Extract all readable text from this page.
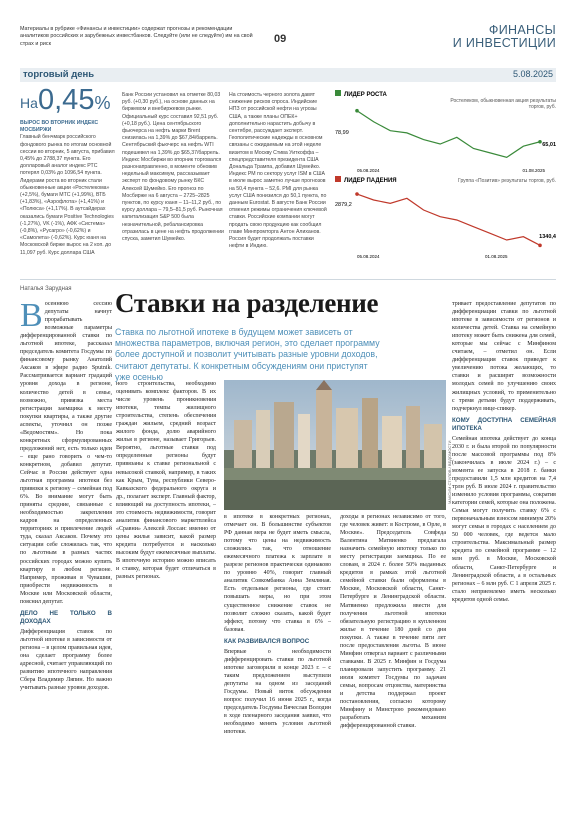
Материалы в рубрике «Финансы и инвестиции» содержат прогнозы и рекомендации аналитиков российских и зарубежных инвестбанков. Следуйте (или не следуйте) им на свой страх и риск	09
ФИНАНСЫ
И ИНВЕСТИЦИИ
торговый день	5.08.2025
На 0,45%
ВЫРОС ВО ВТОРНИК ИНДЕКС МОСБИРЖИ
Главный бенчмарк российского фондового рынка по итогам основной сессии во вторник, 5 августа, прибавил 0,45% до 2788,37 пункта. Его долларовый аналог индекс РТС потерял 0,03% до 1096,54 пункта. Лидерами роста во вторник стали обыкновенные акции «Ростелекома» (+2,5%), бумаги МТС (+1,99%), ВТБ (+1,83%), «Аэрофлота» (+1,41%) и «Полюса» (+1,17%). В аутсайдерах оказались бумаги Positive Technologies (-1,27%), VK (-1%), АФК «Система» (-0,8%), «Русагро» (-0,62%) и «Самолета» (-0,62%). Курс юаня на Московской бирже вырос на 2 коп. до 11,097 руб. Курс доллара США
Банк России установил на отметке 80,03 руб. (+0,30 руб.), на основе данных на биржевом и внебиржевом рынке. Официальный курс составил 92,51 руб. (+0,18 руб.). Цена сентябрьского фьючерса на нефть марки Brent снизилась на 1,39% до $67,84/баррель. Сентябрьский фьючерс на нефть WTI подешевел на 1,39% до $65,37/баррель. Индекс Мосбиржи во вторник торговался разнонаправленно, в моменте обновив недельный максимум, рассказывает эксперт по фондовому рынку БКС Алексей Шумейко. Его прогноз по Мосбирже на 6 августа – 2725–2825 пунктов, по курсу юаня – 11–11,2 руб., по курсу доллара – 79,5–81,5 руб. Рыночная капитализация S&P 500 была незначительной, ребалансировка отразилась в цене на нефть продолжении спуска, заметил Шумейко.
На стоимость черного золота давят снижение рисков спроса. Индийские НПЗ от российской нефти на угрозы США, а также планы ОПЕК+ дополнительно нарастить добычу в сентябре, рассуждает эксперт. Геополитические надежды в основном связаны с ожидаемым на этой неделе визитом в Москву Стива Уиткоффа – спецпредставителя президента США Дональда Трампа, добавил Шумейко. Индекс РМ по сектору услуг ISM в США в июле вырос заметно лучше прогнозов на 50,4 пункта – 52,6. PMI для рынка услуг США понизился до 50,1 пункта, по данным Eurostat. В августе Банк России отменил режимы ограничения ключевой ставки. Российские компании могут продать свою продукцию как сообщил главе Минпромторга Антон Алиханов. Россия будет продолжать поставки нефти в Индию.
ЛИДЕР РОСТА
78,99
65,01
05.08.2024	01.08.2025
Ростелеком, обыкновенная акция результаты торгов, руб.
ЛИДЕР ПАДЕНИЯ
2879,2
1340,4
05.08.2024	01.08.2025
Группа «Позитив» результаты торгов, руб.
Наталья Зарудная Ставки на разделение
Ставка по льготной ипотеке в будущем может зависеть от множества параметров, включая регион, это сделает программу более доступной и позволит учитывать разные уровни доходов, считают депутаты. К конкретным обсуждениям они приступят уже осенью
В осеннюю сессию депутаты начнут прорабатывать возможные параметры дифференцированной ставки по льготной ипотеке, рассказал председатель комитета Госдумы по финансовому рынку Анатолий Аксаков в эфире радио Sputnik. Рассматривается вариант градаций уровня дохода в регионе, количество детей в семье, возможно, привязка места регистрации заемщика к месту покупки квартиры, а также другие аспекты, уточнил он позже «Ведомостям». Но пока конкретных сформулированных предложений нет, есть только идеи – еще рано говорить о чем-то конкретном, добавил депутат. Сейчас в России действует одна льготная программа ипотеки без привязки к региону – семейная под 6%. Во внимание могут быть приняты средние, связанные с необходимостью закрепления кадров на определенных территориях и привлечение людей туда, сказал Аксаков. Почему это ситуации себе сложилась так, что по льготным в разных частях российских городах можно купить квартиру в любом регионе. Например, проживая в Чувашии, приобрести недвижимость в Москве или Московской области, пояснил депутат.
ДЕЛО НЕ ТОЛЬКО В ДОХОДАХ
Дифференциация ставок по льготной ипотеке в зависимости от региона – в целом правильная идея, она сделает программу более адресной, считает управляющий по развитию ипотечного направления Сбера Владимир Ляпин. Но важно учитывать разные уровни доходов.
ного строительства, необходимо оценивать комплекс факторов. В их числе уровень проникновения ипотеки, темпы жилищного строительства, степень обеспечения граждан жильем, средний возраст жилого фонда, долю аварийного жилья в регионе, называет Григорьев. Вероятно, льготные ставки под определенные регионы будут привязаны к ставке региональной с невысокой ставкой, например, в таких как Крым, Тува, республики Северо-Кавказского федерального округа и др., полагает эксперт. Главный фактор, влияющий на доступность ипотеки, – это стоимость недвижимости, говорит аналитик финансового маркетплейса «Сравни» Алексей Лоссан: именно от цены жилья зависит, какой размер кредита потребуется и насколько высоким будут ежемесячные выплаты. В ипотечную историю можно вписать и ставку, которая будет отличаться в разных регионах.
МАКСИМ СТУЛОВ / ВЕДОМОСТИ
в ипотеке в конкретных регионах, отмечает он. В большинстве субъектов РФ данная мера не будет иметь смысла, потому что цены на недвижимость сложились так, что отношение ежемесячного платежа к зарплате в разрезе регионов практически одинаково по уровню 40%, говорит главный аналитик Совкомбанка Анна Земляная. Есть отдельные регионы, где стоит повышать меры, но при этом существенное снижение ставок не позволит сложно сказать, какой будет эффект, потому что ставка в 6% – базовая.
КАК РАЗВИВАЛСЯ ВОПРОС
Впервые о необходимости дифференцировать ставки по льготной ипотеке заговорили в конце 2023 г. – с таким предложением выступили депутаты на одном из заседаний Госдумы. Новый виток обсуждения вопрос получил 16 июня 2025 г., когда председатель Госдумы Вячеслав Володин в ходе пленарного заседания заявил, что необходимо менять условия льготной ипотеки.
доходы в регионах независимо от того, где человек живет: в Костроме, в Орле, в Москве». Председатель Совфеда Валентина Матвиенко предлагала назначить семейную ипотеку только по месту регистрации заемщика. По ее словам, в 2024 г. более 50% выданных кредитов в рамках этой льготной семейной ставки были оформлены в Москве, Московской области, Санкт-Петербурге и Ленинградской области. Матвиенко предложила ввести для получения льготной ипотеки обязательную регистрацию в купленном жилье в течение 180 дней со дня покупки. А также в течение пяти лет после предоставления льготы. В июне Минфин отвергал вариант с различными ставками. В 2025 г. Минфин и Госдума планировали запустить программу. 21 июля комитет Госдумы по задачам семьи, вопросам отцовства, материнства и детства поддержал проект постановления, согласно которому Минфину и Минстрою рекомендовано разработать механизм дифференцированной ставки.
тривает предоставление депутатов по дифференциации ставки по льготной ипотеке в зависимости от регионов и количества детей. Ставка на семейную ипотеку может быть снижена для семей, которые мы сейчас с Минфином считаем, – отметил он. Если дифференциация ставок приведет к увеличению потока желающих, то ставки и расширят возможности молодых семей по улучшению своих жилищных условий, то применительно с тремя детьми будут поддерживать, подчеркнул вице-спикер.
КОМУ ДОСТУПНА СЕМЕЙНАЯ ИПОТЕКА
Семейная ипотека действует до конца 2030 г. и была второй по популярности после массовой программы под 8% (закончилась в июле 2024 г.) – с момента ее запуска в 2018 г. банки предоставили 1,5 млн кредитов на 7,4 трлн руб. В июле 2024 г. правительство изменило условия программы, сократив категории семей, которые она положена. Семьи могут получить ставку 6% с первоначальным взносом минимум 20% могут семьи в городах с населением до 50 000 человек, где ведется мало строительства. Максимальный размер кредита по семейной программе – 12 млн руб. в Москве, Московской области, Санкт-Петербурге и Ленинградской области, а в остальных регионах – 6 млн руб. С 1 апреля 2025 г. стало неприемлемо иметь несколько кредитов одной семье.
